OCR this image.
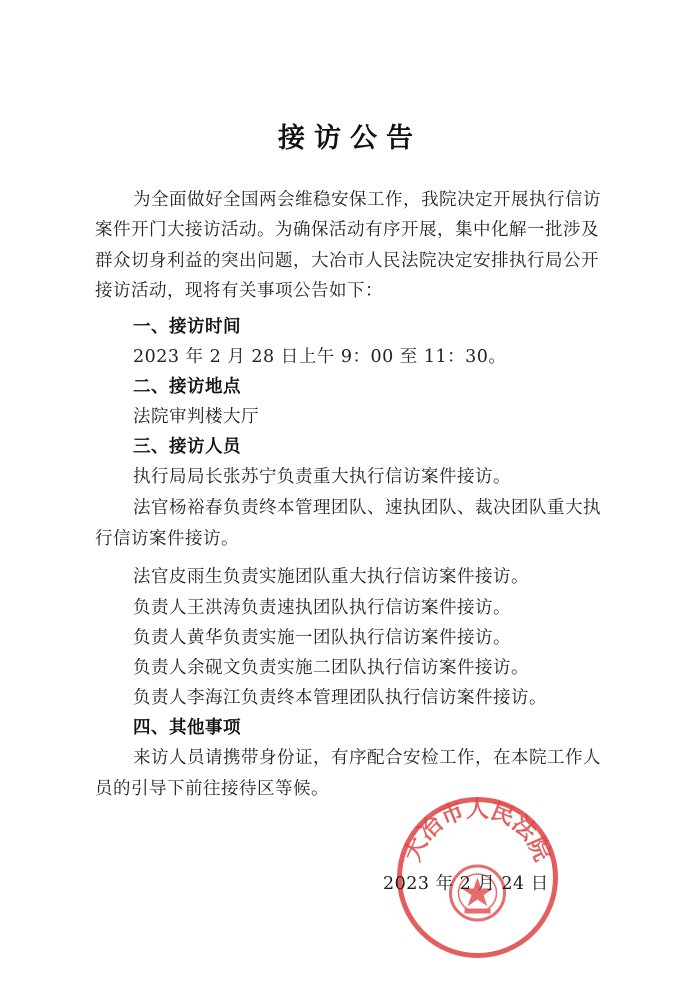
接访公告
为全面做好全国两会维稳安保工作，我院决定开展执行信访
案件开门大接访活动。为确保活动有序开展，集中化解一批涉及
群众切身利益的突出问题，大冶市人民法院决定安排执行局公开
接访活动，现将有关事项公告如下：
一、接访时间
2023 年 2 月 28 日上午 9：00 至 11：30。
二、接访地点
法院审判楼大厅
三、接访人员
执行局局长张苏宁负责重大执行信访案件接访。
法官杨裕春负责终本管理团队、速执团队、裁决团队重大执
行信访案件接访。
法官皮雨生负责实施团队重大执行信访案件接访。
负责人王洪涛负责速执团队执行信访案件接访。
负责人黄华负责实施一团队执行信访案件接访。
负责人余砚文负责实施二团队执行信访案件接访。
负责人李海江负责终本管理团队执行信访案件接访。
四、其他事项
来访人员请携带身份证，有序配合安检工作，在本院工作人
员的引导下前往接待区等候。
大冶市人民法院
2023 年 2 月 24 日
